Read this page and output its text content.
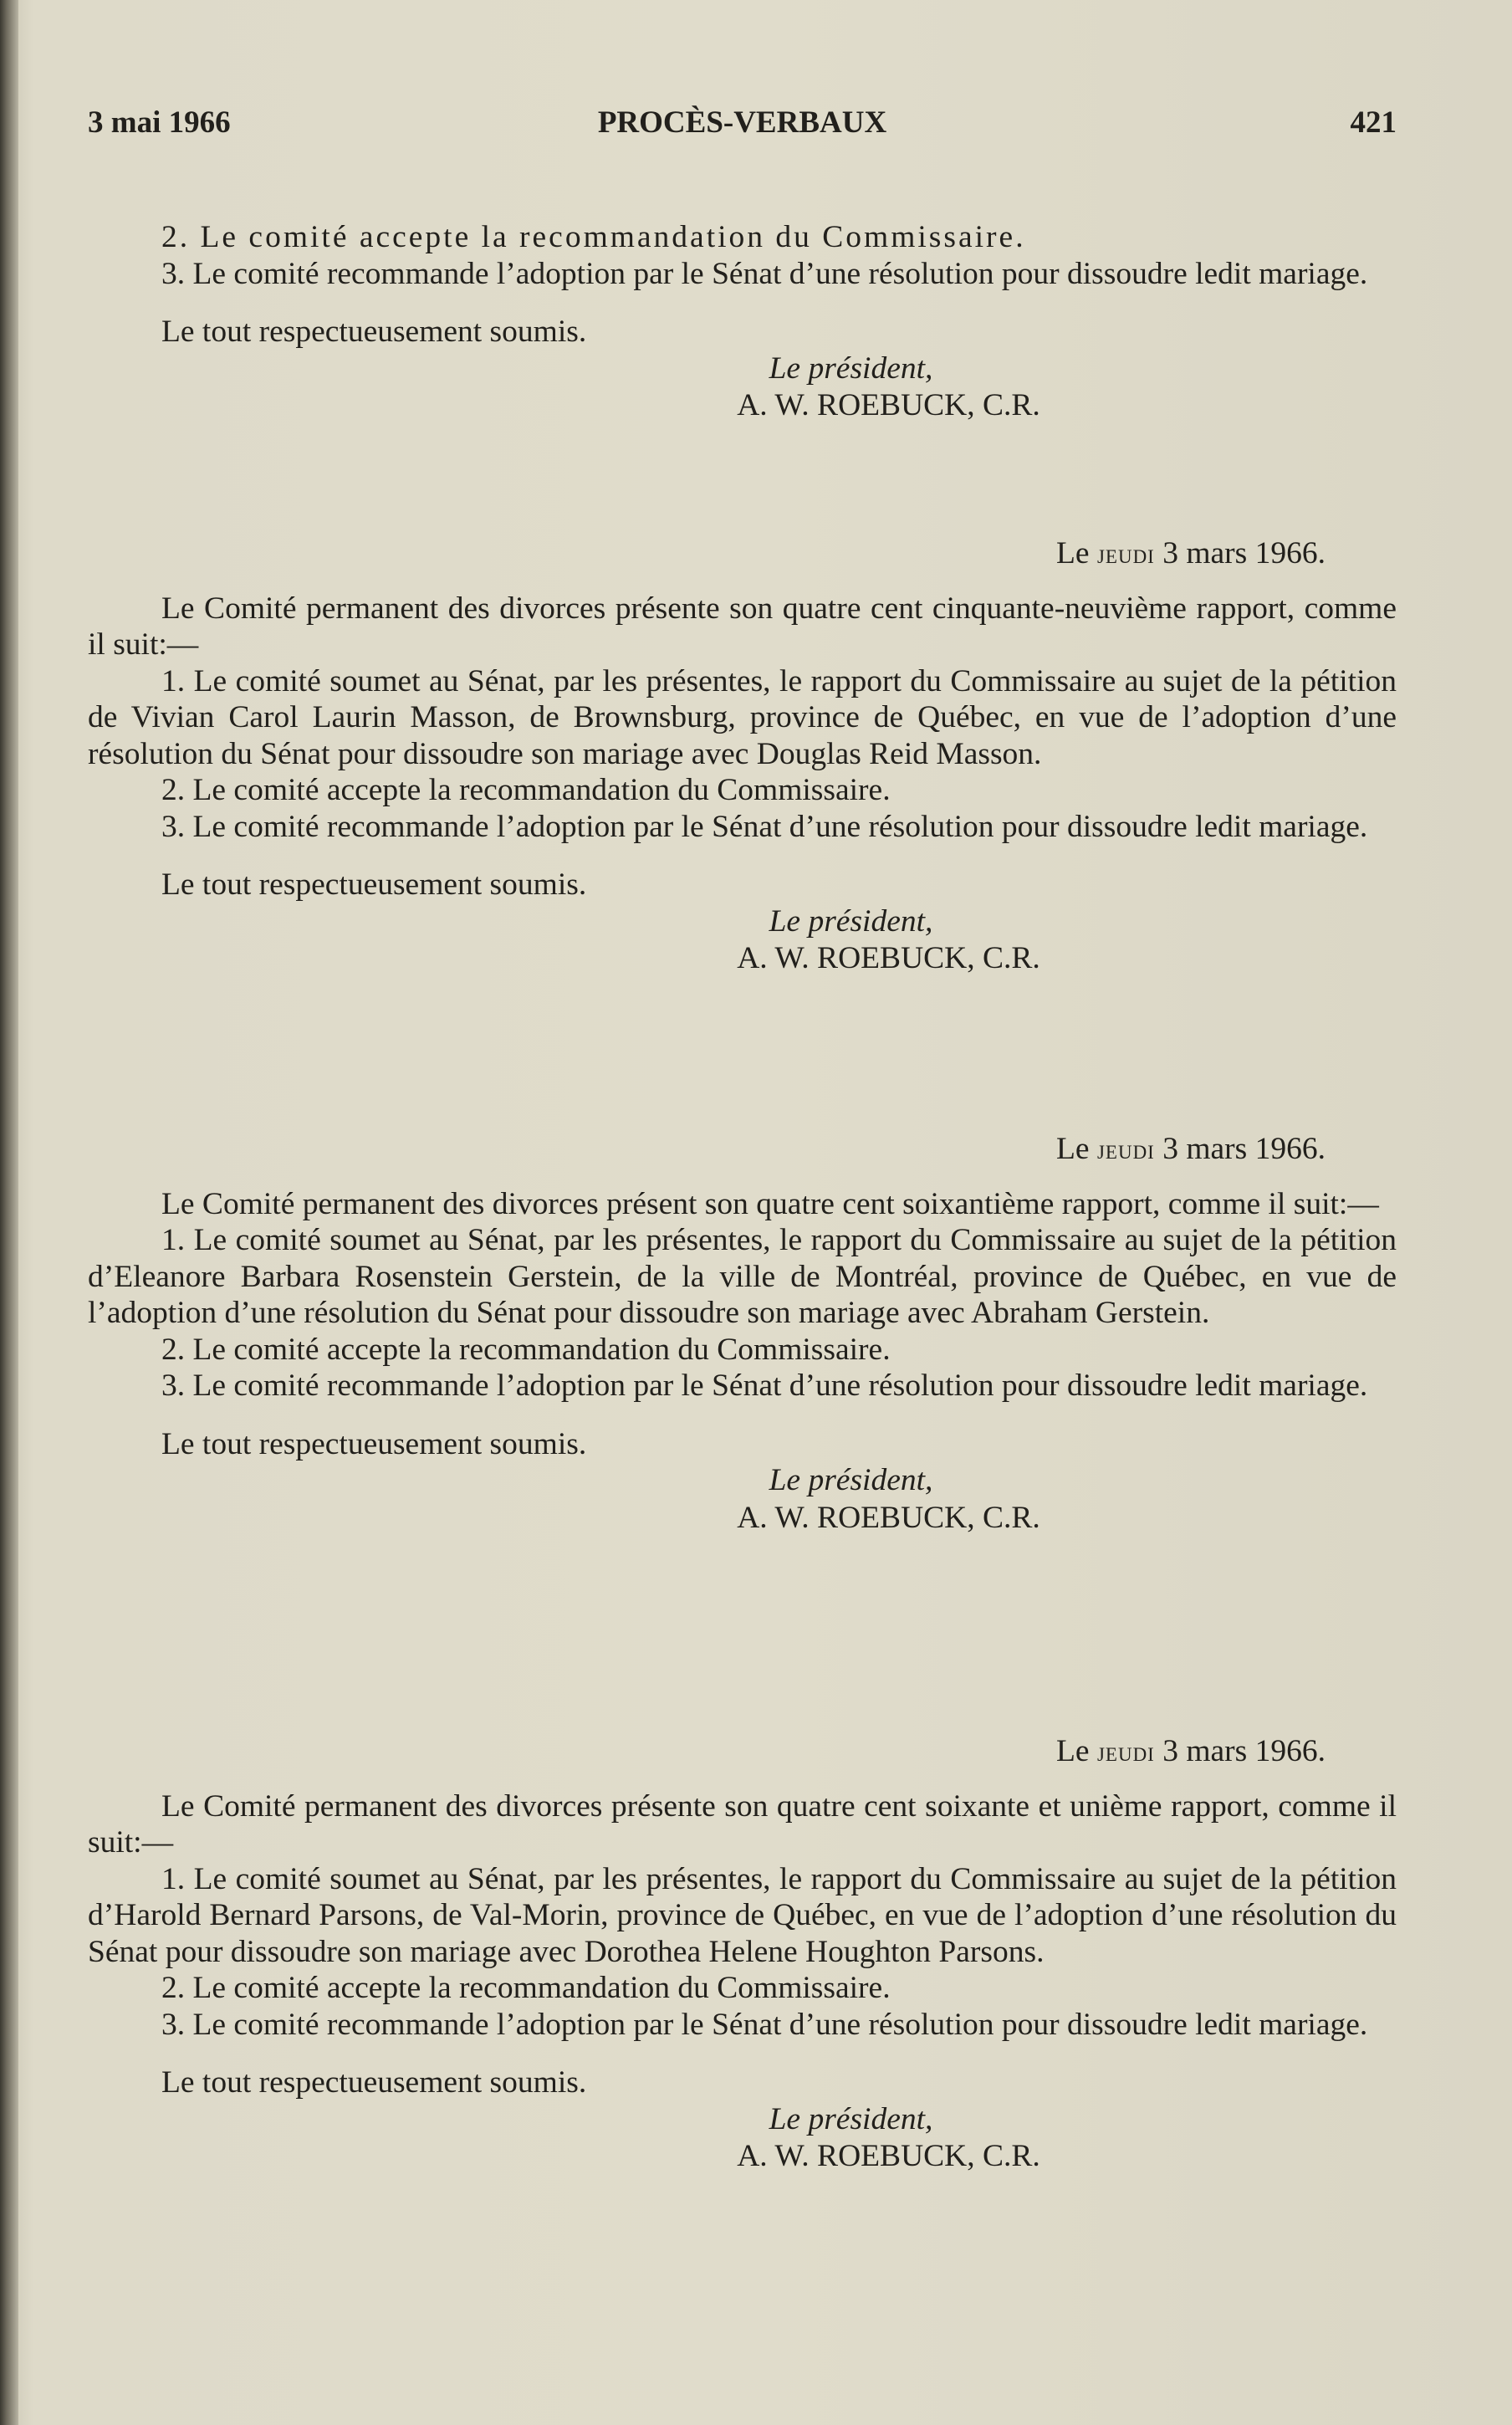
3 mai 1966	PROCÈS-VERBAUX	421

2. Le comité accepte la recommandation du Commissaire.

3. Le comité recommande l’adoption par le Sénat d’une résolution pour dissoudre ledit mariage.

Le tout respectueusement soumis.

Le président,

A. W. ROEBUCK, C.R.

Le jeudi 3 mars 1966.

Le Comité permanent des divorces présente son quatre cent cinquante-neuvième rapport, comme il suit:—

1. Le comité soumet au Sénat, par les présentes, le rapport du Commissaire au sujet de la pétition de Vivian Carol Laurin Masson, de Brownsburg, province de Québec, en vue de l’adoption d’une résolution du Sénat pour dissoudre son mariage avec Douglas Reid Masson.

2. Le comité accepte la recommandation du Commissaire.

3. Le comité recommande l’adoption par le Sénat d’une résolution pour dissoudre ledit mariage.

Le tout respectueusement soumis.

Le président,

A. W. ROEBUCK, C.R.

Le jeudi 3 mars 1966.

Le Comité permanent des divorces présent son quatre cent soixantième rapport, comme il suit:—

1. Le comité soumet au Sénat, par les présentes, le rapport du Commissaire au sujet de la pétition d’Eleanore Barbara Rosenstein Gerstein, de la ville de Montréal, province de Québec, en vue de l’adoption d’une résolution du Sénat pour dissoudre son mariage avec Abraham Gerstein.

2. Le comité accepte la recommandation du Commissaire.

3. Le comité recommande l’adoption par le Sénat d’une résolution pour dissoudre ledit mariage.

Le tout respectueusement soumis.

Le président,

A. W. ROEBUCK, C.R.

Le jeudi 3 mars 1966.

Le Comité permanent des divorces présente son quatre cent soixante et unième rapport, comme il suit:—

1. Le comité soumet au Sénat, par les présentes, le rapport du Commissaire au sujet de la pétition d’Harold Bernard Parsons, de Val-Morin, province de Québec, en vue de l’adoption d’une résolution du Sénat pour dissoudre son mariage avec Dorothea Helene Houghton Parsons.

2. Le comité accepte la recommandation du Commissaire.

3. Le comité recommande l’adoption par le Sénat d’une résolution pour dissoudre ledit mariage.

Le tout respectueusement soumis.

Le président,

A. W. ROEBUCK, C.R.
